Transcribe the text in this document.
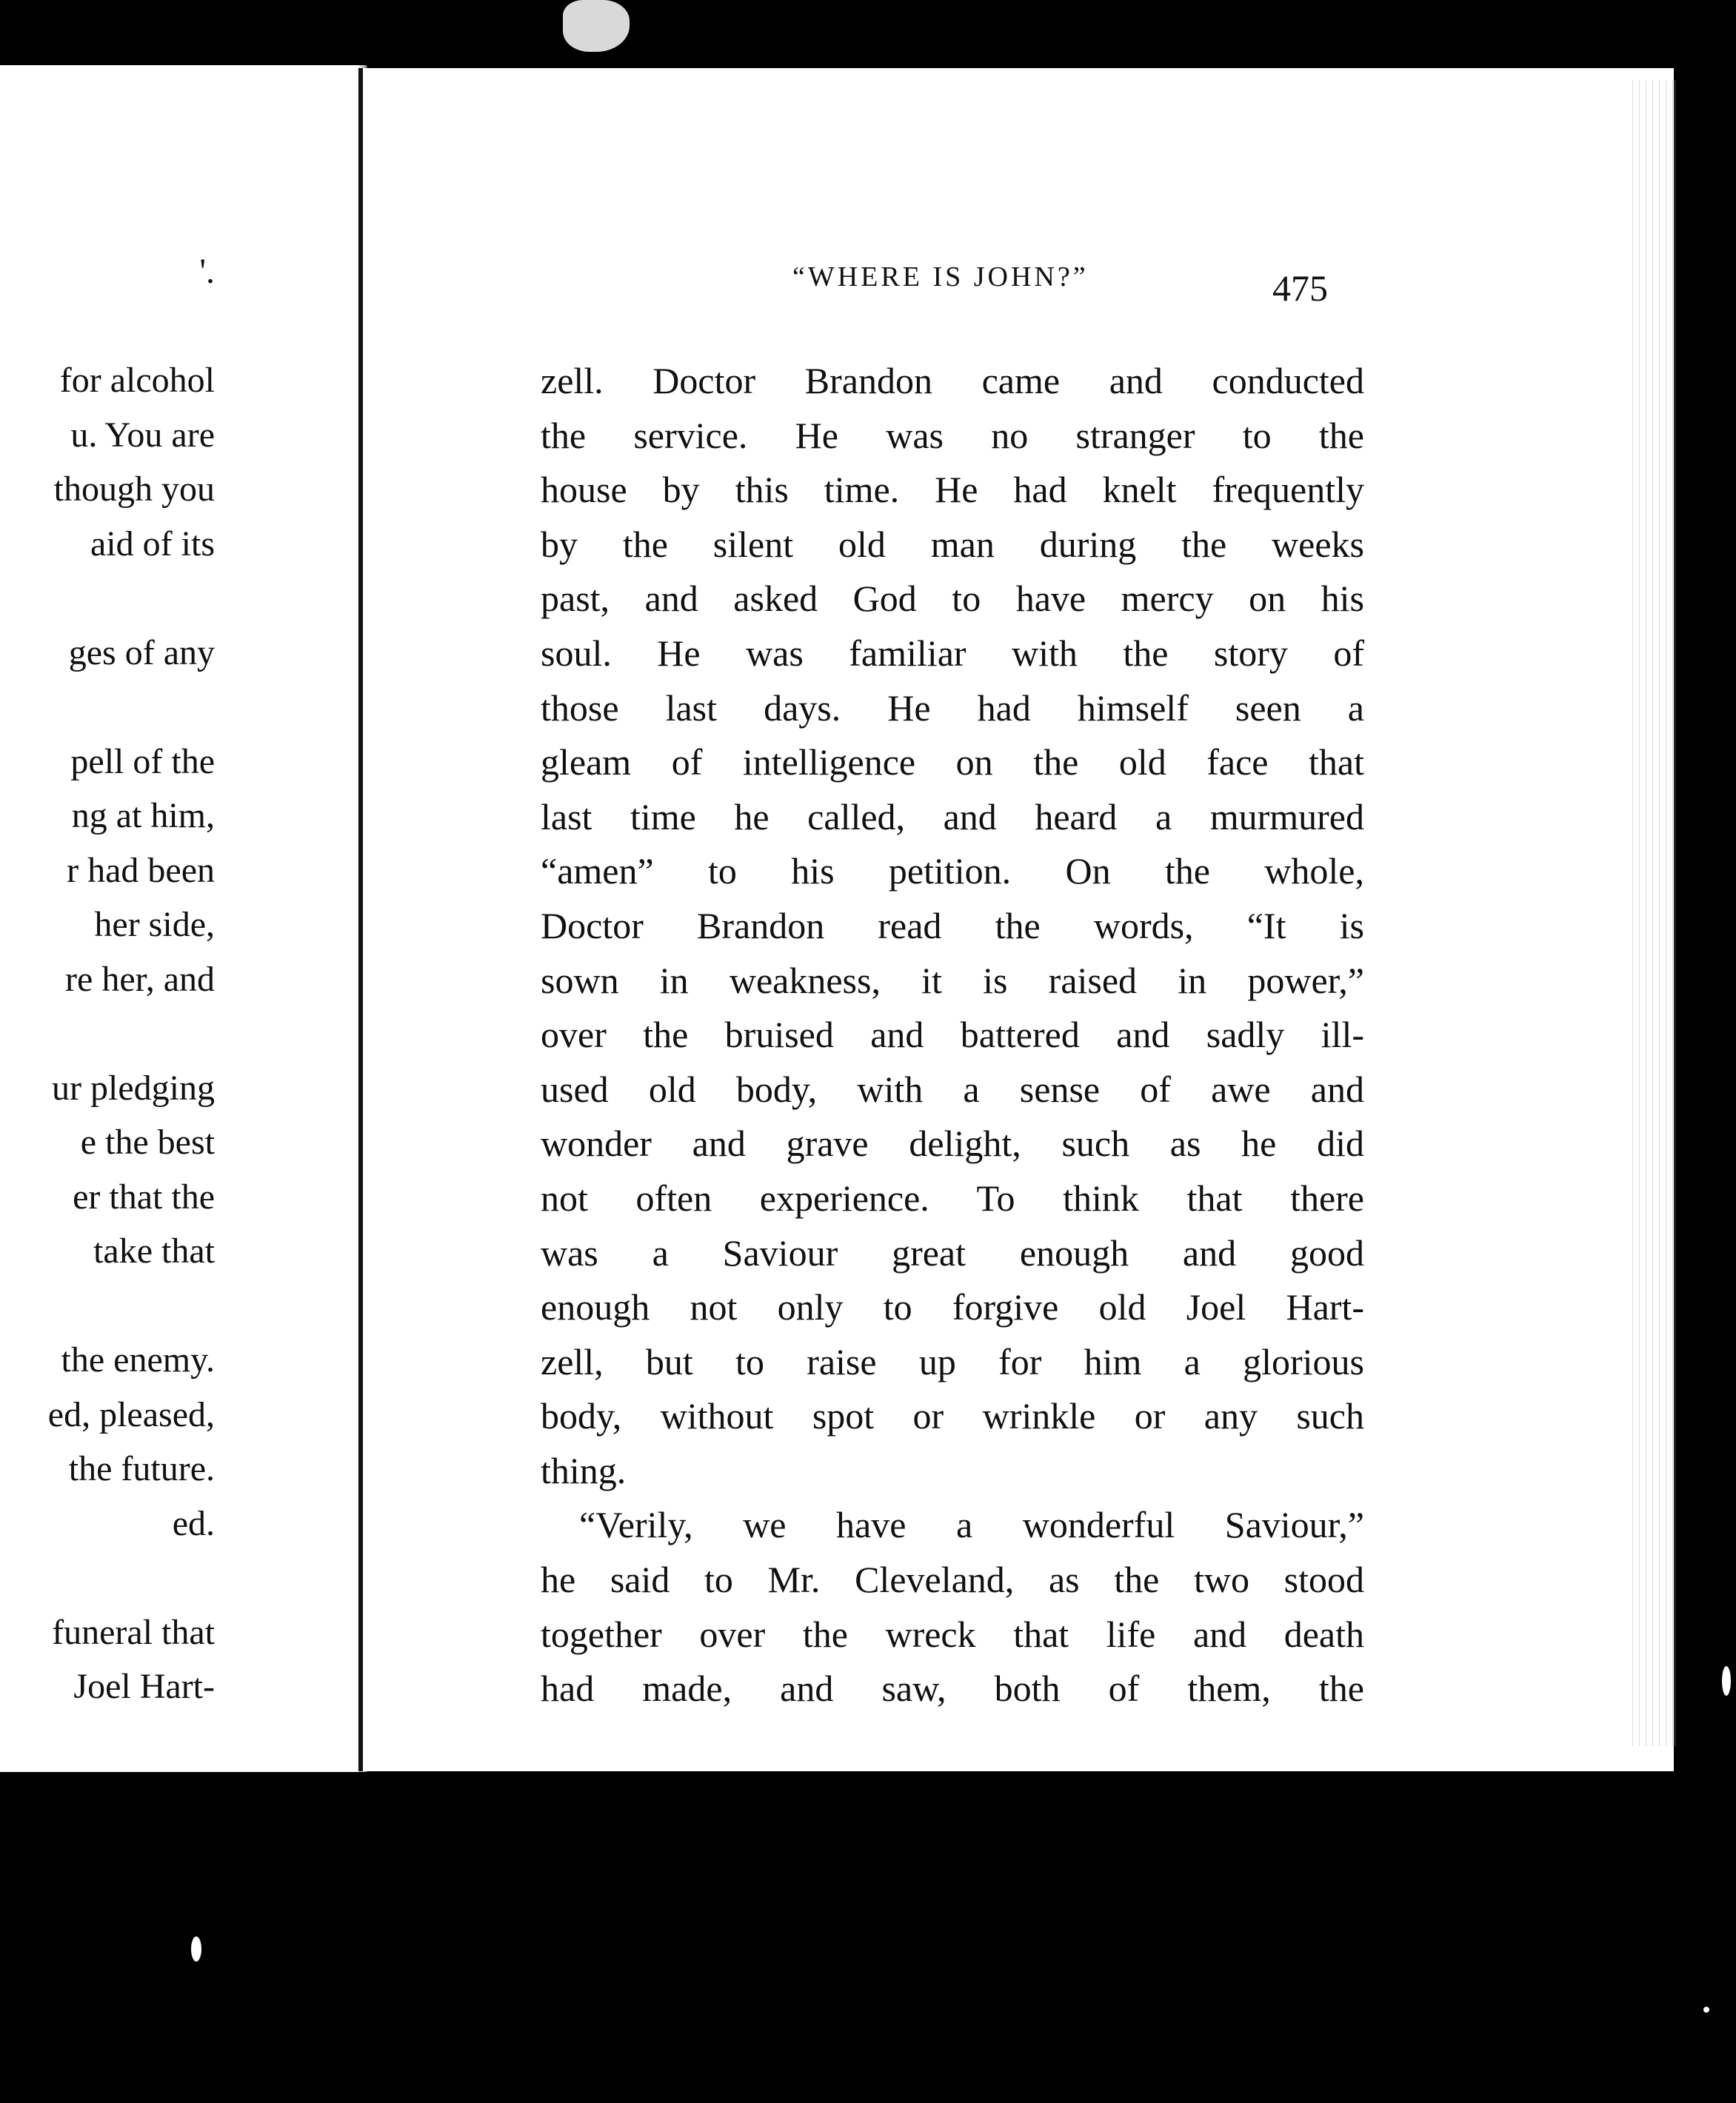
'.
for alcohol
u. You are
though you
aid of its
ges of any
pell of the
ng at him,
r had been
her side,
re her, and
ur pledging
e the best
er that the
take that
the enemy.
ed, pleased,
the future.
ed.
funeral that
Joel Hart-
“WHERE IS JOHN?”	475
zell. Doctor Brandon came and conducted
the service. He was no stranger to the
house by this time. He had knelt frequently
by the silent old man during the weeks
past, and asked God to have mercy on his
soul. He was familiar with the story of
those last days. He had himself seen a
gleam of intelligence on the old face that
last time he called, and heard a murmured
“amen” to his petition. On the whole,
Doctor Brandon read the words, “It is
sown in weakness, it is raised in power,”
over the bruised and battered and sadly ill-
used old body, with a sense of awe and
wonder and grave delight, such as he did
not often experience. To think that there
was a Saviour great enough and good
enough not only to forgive old Joel Hart-
zell, but to raise up for him a glorious
body, without spot or wrinkle or any such
thing.
“Verily, we have a wonderful Saviour,”
he said to Mr. Cleveland, as the two stood
together over the wreck that life and death
had made, and saw, both of them, the
